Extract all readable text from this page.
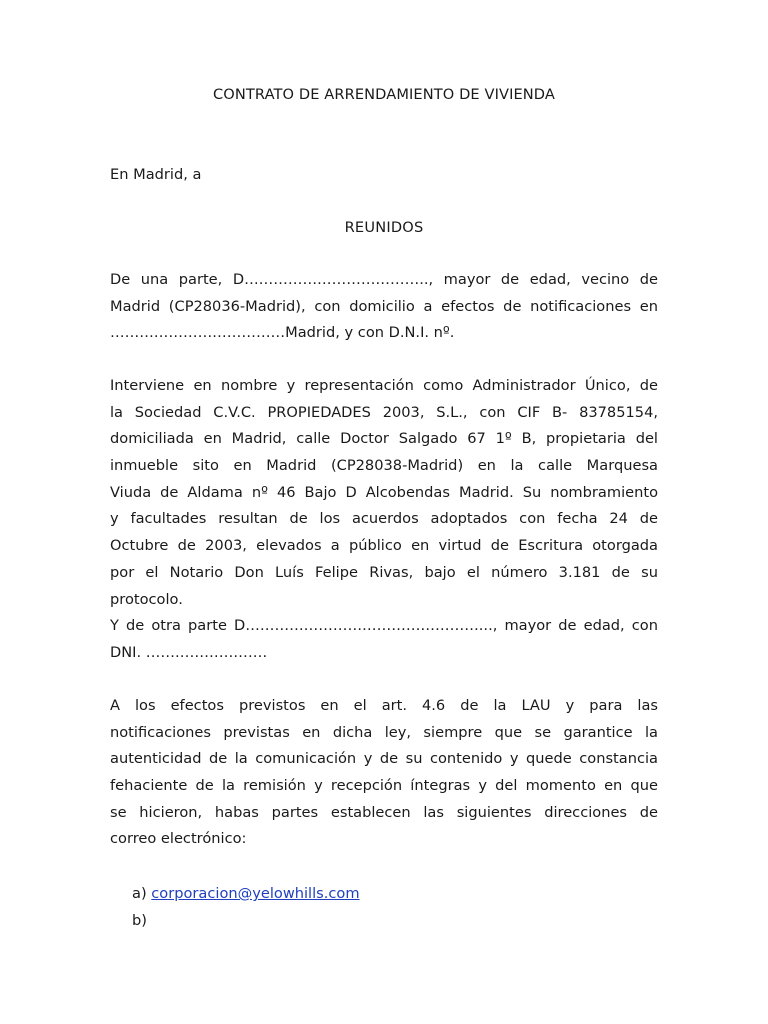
CONTRATO DE ARRENDAMIENTO DE VIVIENDA
En Madrid, a
REUNIDOS
De una parte, D……………………………….., mayor de edad, vecino de
Madrid (CP28036-Madrid), con domicilio a efectos de notificaciones en
………………………………Madrid, y con D.N.I. nº.
Interviene en nombre y representación como Administrador Único, de
la Sociedad C.V.C. PROPIEDADES 2003, S.L., con CIF B- 83785154,
domiciliada en Madrid, calle Doctor Salgado 67 1º B, propietaria del
inmueble sito en Madrid (CP28038-Madrid) en la calle Marquesa
Viuda de Aldama nº 46 Bajo D Alcobendas Madrid. Su nombramiento
y facultades resultan de los acuerdos adoptados con fecha 24 de
Octubre de 2003, elevados a público en virtud de Escritura otorgada
por el Notario Don Luís Felipe Rivas, bajo el número 3.181 de su
protocolo.
Y de otra parte D…………………………………………..., mayor de edad, con
DNI. …………………….
A los efectos previstos en el art. 4.6 de la LAU y para las
notificaciones previstas en dicha ley, siempre que se garantice la
autenticidad de la comunicación y de su contenido y quede constancia
fehaciente de la remisión y recepción íntegras y del momento en que
se hicieron, habas partes establecen las siguientes direcciones de
correo electrónico:
a) corporacion@yelowhills.com
b)
